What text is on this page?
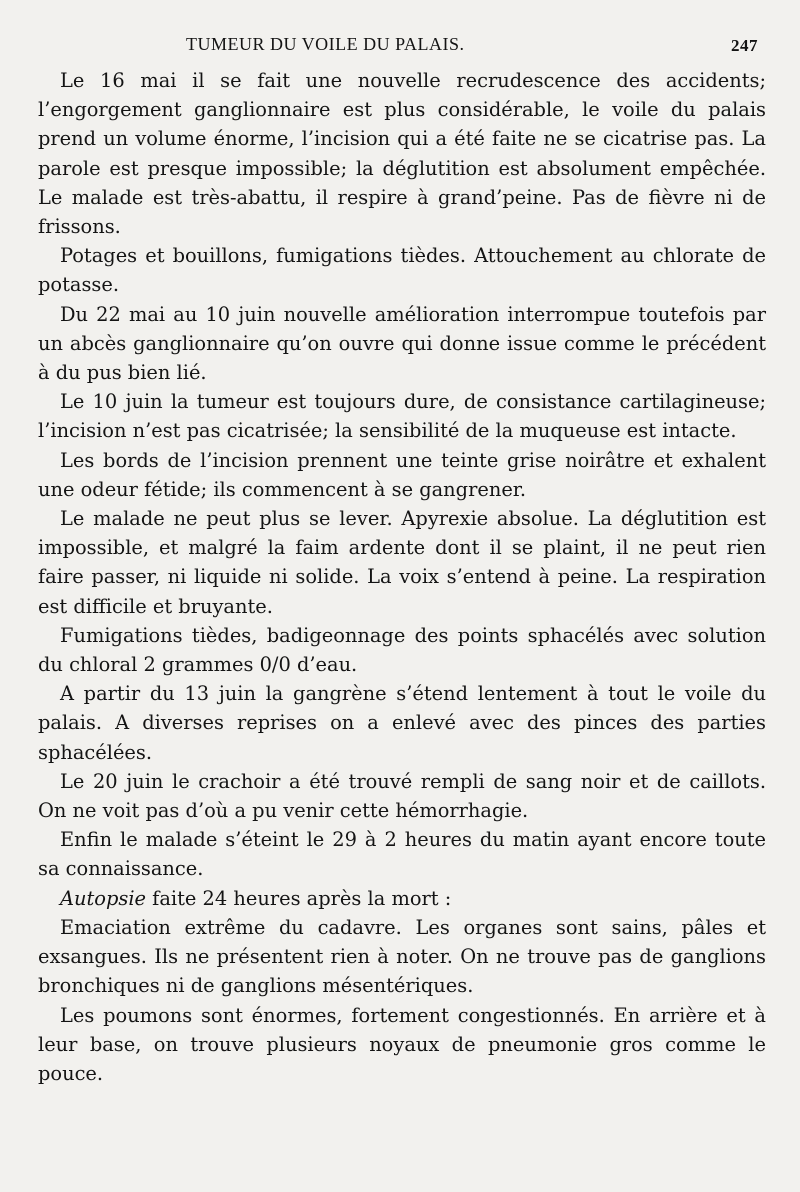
TUMEUR DU VOILE DU PALAIS.	247

Le 16 mai il se fait une nouvelle recrudescence des accidents; l’engorgement ganglionnaire est plus considérable, le voile du palais prend un volume énorme, l’incision qui a été faite ne se cicatrise pas. La parole est presque impossible; la déglutition est absolument empêchée. Le malade est très-abattu, il respire à grand’peine. Pas de fièvre ni de frissons.

Potages et bouillons, fumigations tièdes. Attouchement au chlorate de potasse.

Du 22 mai au 10 juin nouvelle amélioration interrompue toutefois par un abcès ganglionnaire qu’on ouvre qui donne issue comme le précédent à du pus bien lié.

Le 10 juin la tumeur est toujours dure, de consistance cartilagineuse; l’incision n’est pas cicatrisée; la sensibilité de la muqueuse est intacte.

Les bords de l’incision prennent une teinte grise noirâtre et exhalent une odeur fétide; ils commencent à se gangrener.

Le malade ne peut plus se lever. Apyrexie absolue. La déglutition est impossible, et malgré la faim ardente dont il se plaint, il ne peut rien faire passer, ni liquide ni solide. La voix s’entend à peine. La respiration est difficile et bruyante.

Fumigations tièdes, badigeonnage des points sphacélés avec solution du chloral 2 grammes 0/0 d’eau.

A partir du 13 juin la gangrène s’étend lentement à tout le voile du palais. A diverses reprises on a enlevé avec des pinces des parties sphacélées.

Le 20 juin le crachoir a été trouvé rempli de sang noir et de caillots. On ne voit pas d’où a pu venir cette hémorrhagie.

Enfin le malade s’éteint le 29 à 2 heures du matin ayant encore toute sa connaissance.

Autopsie faite 24 heures après la mort :

Emaciation extrême du cadavre. Les organes sont sains, pâles et exsangues. Ils ne présentent rien à noter. On ne trouve pas de ganglions bronchiques ni de ganglions mésentériques.

Les poumons sont énormes, fortement congestionnés. En arrière et à leur base, on trouve plusieurs noyaux de pneumonie gros comme le pouce.
